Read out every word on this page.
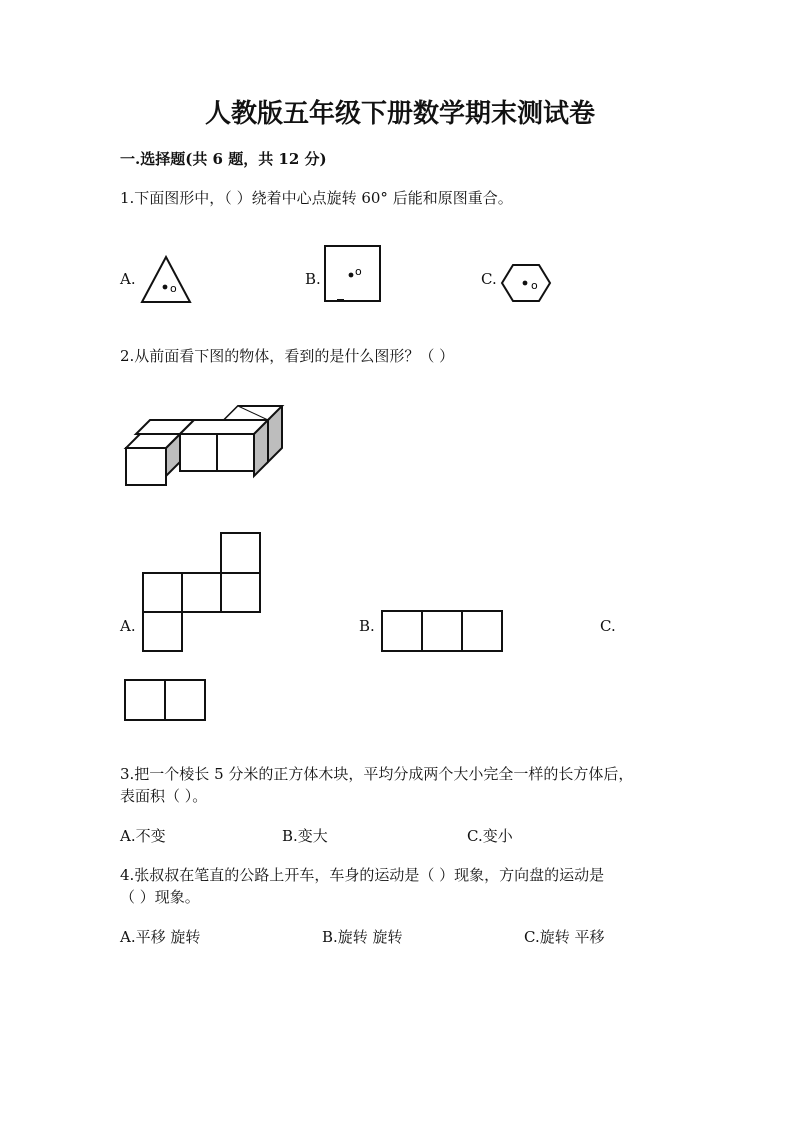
人教版五年级下册数学期末测试卷
一.选择题(共 6 题，共 12 分)
1.下面图形中，（ ）绕着中心点旋转 60° 后能和原图重合。
A.
o
B.	o	C.	o
2.从前面看下图的物体，看到的是什么图形？（ ）
A.	B.	C.
3.把一个棱长 5 分米的正方体木块，平均分成两个大小完全一样的长方体后，
表面积（ ）。
A.不变	B.变大	C.变小
4.张叔叔在笔直的公路上开车，车身的运动是（ ）现象，方向盘的运动是
（ ）现象。
A.平移 旋转	B.旋转 旋转	C.旋转 平移
